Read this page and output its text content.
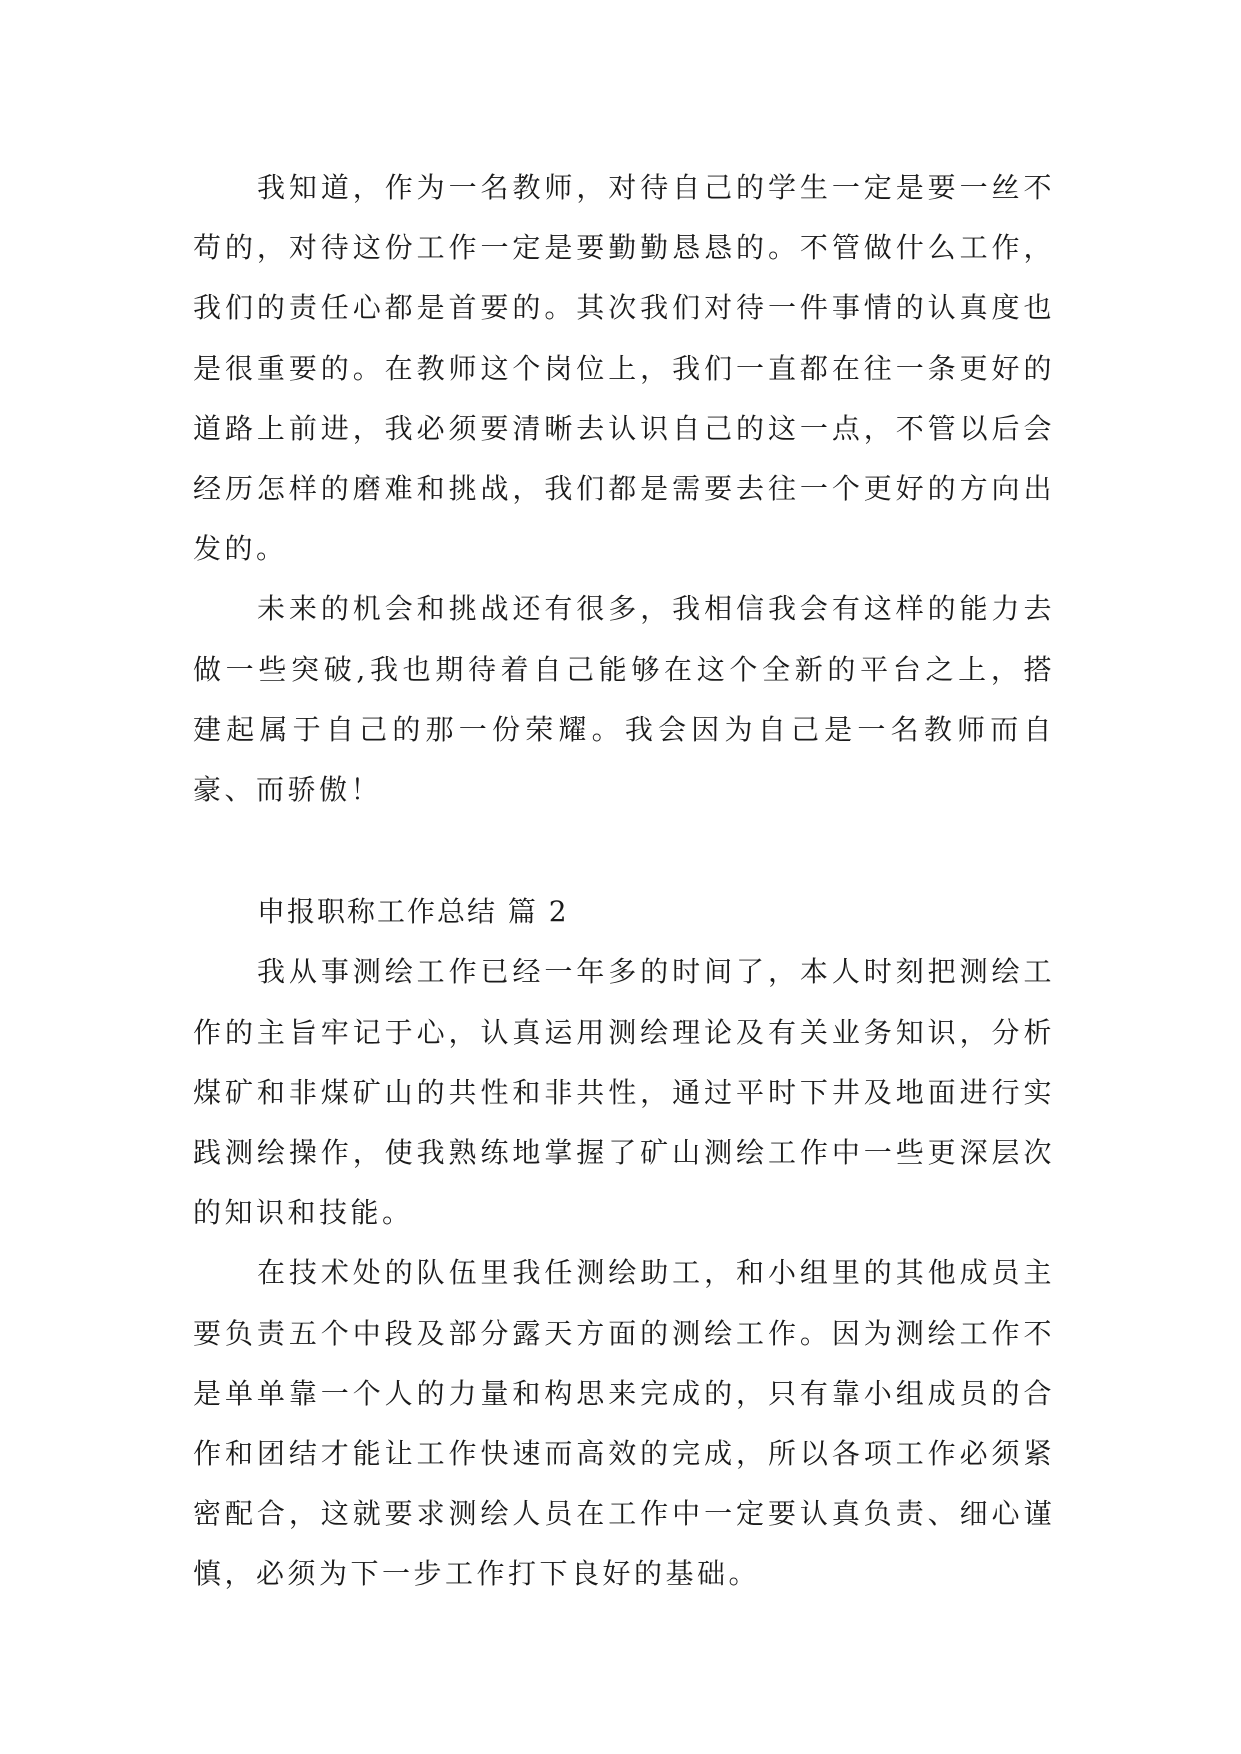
我知道，作为一名教师，对待自己的学生一定是要一丝不苟的，对待这份工作一定是要勤勤恳恳的。不管做什么工作，我们的责任心都是首要的。其次我们对待一件事情的认真度也是很重要的。在教师这个岗位上，我们一直都在往一条更好的道路上前进，我必须要清晰去认识自己的这一点，不管以后会经历怎样的磨难和挑战，我们都是需要去往一个更好的方向出发的。

未来的机会和挑战还有很多，我相信我会有这样的能力去做一些突破,我也期待着自己能够在这个全新的平台之上，搭建起属于自己的那一份荣耀。我会因为自己是一名教师而自豪、而骄傲！

申报职称工作总结 篇 2

我从事测绘工作已经一年多的时间了，本人时刻把测绘工作的主旨牢记于心，认真运用测绘理论及有关业务知识，分析煤矿和非煤矿山的共性和非共性，通过平时下井及地面进行实践测绘操作，使我熟练地掌握了矿山测绘工作中一些更深层次的知识和技能。

在技术处的队伍里我任测绘助工，和小组里的其他成员主要负责五个中段及部分露天方面的测绘工作。因为测绘工作不是单单靠一个人的力量和构思来完成的，只有靠小组成员的合作和团结才能让工作快速而高效的完成，所以各项工作必须紧密配合，这就要求测绘人员在工作中一定要认真负责、细心谨慎，必须为下一步工作打下良好的基础。
